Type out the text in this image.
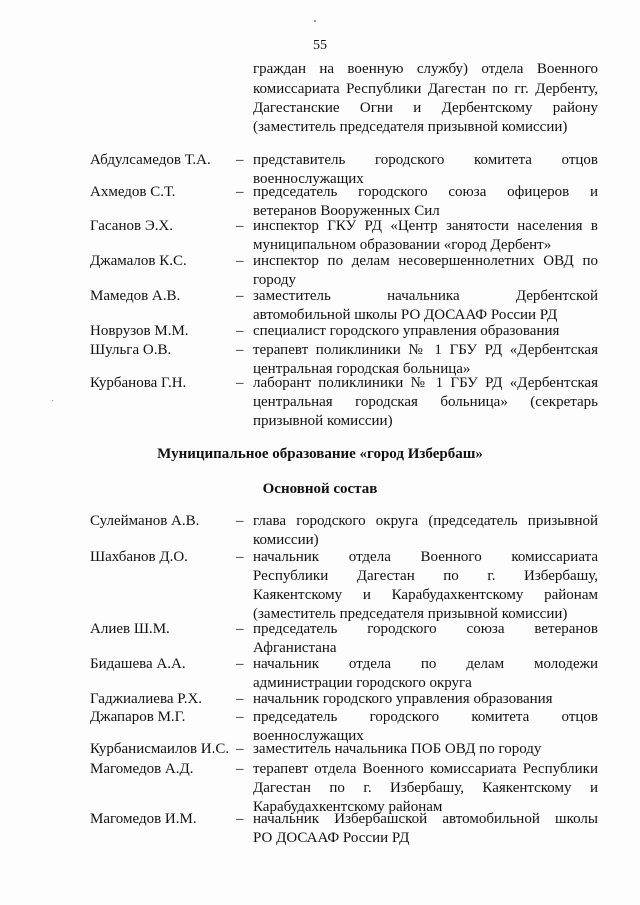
55
граждан на военную службу) отдела Военного
комиссариата Республики Дагестан по гг. Дербенту,
Дагестанские Огни и Дербентскому району
(заместитель председателя призывной комиссии)
Абдулсамедов Т.А. – представитель городского комитета отцов
военнослужащих
Ахмедов С.Т.	– председатель городского союза офицеров и
ветеранов Вооруженных Сил
Гасанов Э.Х.	– инспектор ГКУ РД «Центр занятости населения в
муниципальном образовании «город Дербент»
Джамалов К.С.	– инспектор по делам несовершеннолетних ОВД по
городу
Мамедов А.В.	– заместитель начальника Дербентской
автомобильной школы РО ДОСААФ России РД
Новрузов М.М.	– специалист городского управления образования
Шульга О.В.	– терапевт поликлиники № 1 ГБУ РД «Дербентская
центральная городская больница»
Курбанова Г.Н.	– лаборант поликлиники № 1 ГБУ РД «Дербентская
центральная городская больница» (секретарь
призывной комиссии)
Муниципальное образование «город Избербаш»
Основной состав
Сулейманов А.В. – глава городского округа (председатель призывной
комиссии)
Шахбанов Д.О.	– начальник отдела Военного комиссариата
Республики Дагестан по г. Избербашу,
Каякентскому и Карабудахкентскому районам
(заместитель председателя призывной комиссии)
Алиев Ш.М.	– председатель городского союза ветеранов
Афганистана
Бидашева А.А.	– начальник отдела по делам молодежи
администрации городского округа
Гаджиалиева Р.Х. – начальник городского управления образования
Джапаров М.Г.	– председатель городского комитета отцов
военнослужащих
Курбанисмаилов И.С. – заместитель начальника ПОБ ОВД по городу
Магомедов А.Д.	– терапевт отдела Военного комиссариата Республики
Дагестан по г. Избербашу, Каякентскому и
Карабудахкентскому районам
Магомедов И.М.	– начальник Избербашской автомобильной школы
РО ДОСААФ России РД
